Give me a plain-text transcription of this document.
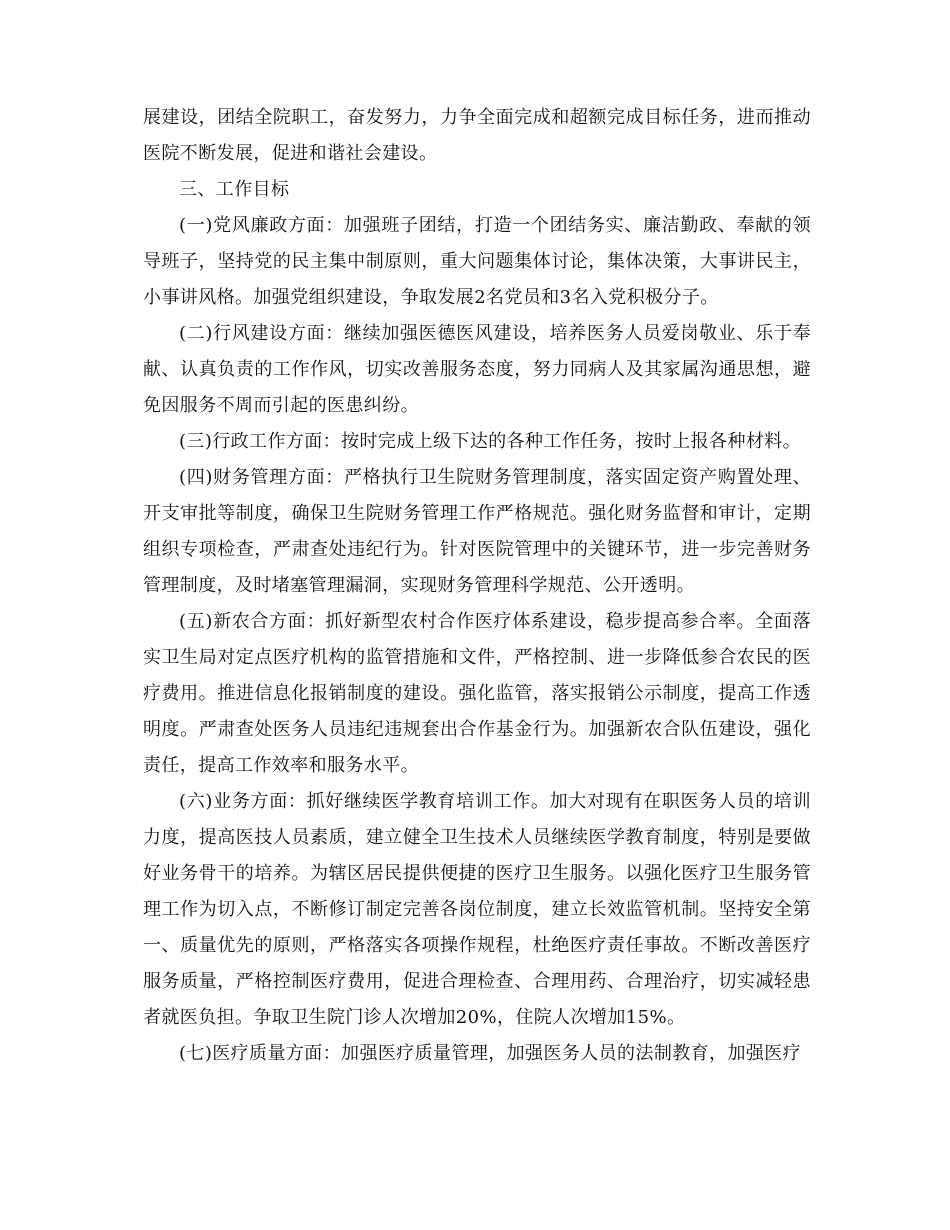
展建设，团结全院职工，奋发努力，力争全面完成和超额完成目标任务，进而推动医院不断发展，促进和谐社会建设。

三、工作目标

(一)党风廉政方面：加强班子团结，打造一个团结务实、廉洁勤政、奉献的领导班子，坚持党的民主集中制原则，重大问题集体讨论，集体决策，大事讲民主，小事讲风格。加强党组织建设，争取发展2名党员和3名入党积极分子。

(二)行风建设方面：继续加强医德医风建设，培养医务人员爱岗敬业、乐于奉献、认真负责的工作作风，切实改善服务态度，努力同病人及其家属沟通思想，避免因服务不周而引起的医患纠纷。

(三)行政工作方面：按时完成上级下达的各种工作任务，按时上报各种材料。

(四)财务管理方面：严格执行卫生院财务管理制度，落实固定资产购置处理、开支审批等制度，确保卫生院财务管理工作严格规范。强化财务监督和审计，定期组织专项检查，严肃查处违纪行为。针对医院管理中的关键环节，进一步完善财务管理制度，及时堵塞管理漏洞，实现财务管理科学规范、公开透明。

(五)新农合方面：抓好新型农村合作医疗体系建设，稳步提高参合率。全面落实卫生局对定点医疗机构的监管措施和文件，严格控制、进一步降低参合农民的医疗费用。推进信息化报销制度的建设。强化监管，落实报销公示制度，提高工作透明度。严肃查处医务人员违纪违规套出合作基金行为。加强新农合队伍建设，强化责任，提高工作效率和服务水平。

(六)业务方面：抓好继续医学教育培训工作。加大对现有在职医务人员的培训力度，提高医技人员素质，建立健全卫生技术人员继续医学教育制度，特别是要做好业务骨干的培养。为辖区居民提供便捷的医疗卫生服务。以强化医疗卫生服务管理工作为切入点，不断修订制定完善各岗位制度，建立长效监管机制。坚持安全第一、质量优先的原则，严格落实各项操作规程，杜绝医疗责任事故。不断改善医疗服务质量，严格控制医疗费用，促进合理检查、合理用药、合理治疗，切实减轻患者就医负担。争取卫生院门诊人次增加20%，住院人次增加15%。

(七)医疗质量方面：加强医疗质量管理，加强医务人员的法制教育，加强医疗
